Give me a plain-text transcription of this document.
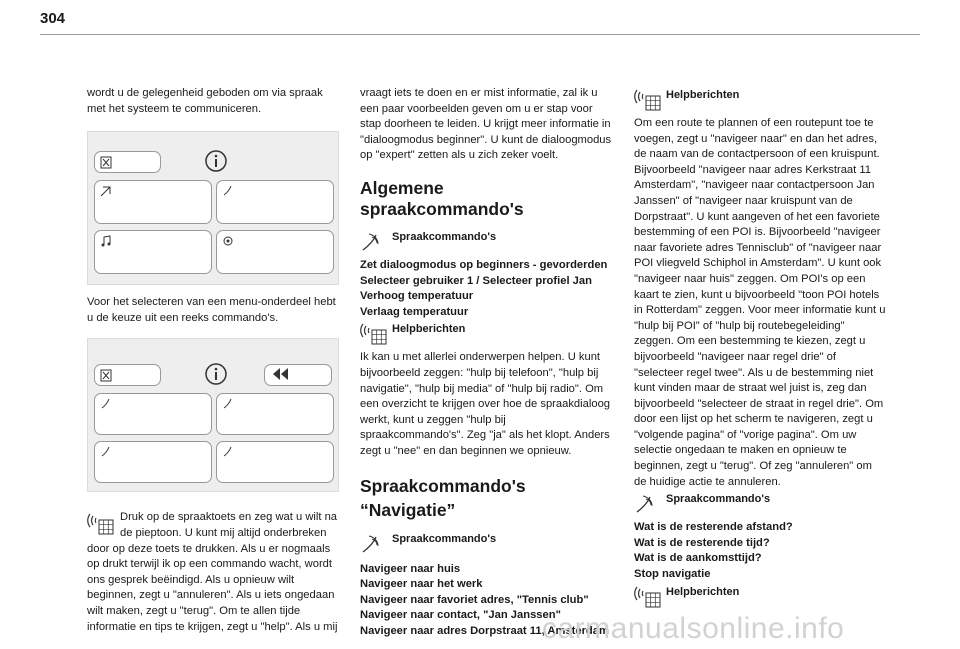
304

wordt u de gelegenheid geboden om via spraak met het systeem te communiceren.

Voor het selecteren van een menu-onderdeel hebt u de keuze uit een reeks commando's.

Druk op de spraaktoets en zeg wat u wilt na de pieptoon. U kunt mij altijd onderbreken door op deze toets te drukken. Als u er nogmaals op drukt terwijl ik op een commando wacht, wordt ons gesprek beëindigd. Als u opnieuw wilt beginnen, zegt u "annuleren". Als u iets ongedaan wilt maken, zegt u "terug". Om te allen tijde informatie en tips te krijgen, zegt u "help". Als u mij

vraagt iets te doen en er mist informatie, zal ik u een paar voorbeelden geven om u er stap voor stap doorheen te leiden. U krijgt meer informatie in "dialoogmodus beginner". U kunt de dialoogmodus op "expert" zetten als u zich zeker voelt.

Algemene spraakcommando's

Spraakcommando's
Zet dialoogmodus op beginners - gevorderden
Selecteer gebruiker 1 / Selecteer profiel Jan
Verhoog temperatuur
Verlaag temperatuur
Helpberichten

Ik kan u met allerlei onderwerpen helpen. U kunt bijvoorbeeld zeggen: "hulp bij telefoon", "hulp bij navigatie", "hulp bij media" of "hulp bij radio". Om een overzicht te krijgen over hoe de spraakdialoog werkt, kunt u zeggen "hulp bij spraakcommando's". Zeg "ja" als het klopt. Anders zegt u "nee" en dan beginnen we opnieuw.

Spraakcommando's
“Navigatie”

Spraakcommando's
Navigeer naar huis
Navigeer naar het werk
Navigeer naar favoriet adres, "Tennis club"
Navigeer naar contact, "Jan Janssen"
Navigeer naar adres Dorpstraat 11, Amsterdam
Helpberichten

Om een route te plannen of een routepunt toe te voegen, zegt u "navigeer naar" en dan het adres, de naam van de contactpersoon of een kruispunt. Bijvoorbeeld "navigeer naar adres Kerkstraat 11 Amsterdam", "navigeer naar contactpersoon Jan Janssen" of "navigeer naar kruispunt van de Dorpstraat". U kunt aangeven of het een favoriete bestemming of een POI is. Bijvoorbeeld "navigeer naar favoriete adres Tennisclub" of "navigeer naar POI vliegveld Schiphol in Amsterdam". U kunt ook "navigeer naar huis" zeggen. Om POI's op een kaart te zien, kunt u bijvoorbeeld "toon POI hotels in Rotterdam" zeggen. Voor meer informatie kunt u "hulp bij POI" of "hulp bij routebegeleiding" zeggen. Om een bestemming te kiezen, zegt u bijvoorbeeld "navigeer naar regel drie" of "selecteer regel twee". Als u de bestemming niet kunt vinden maar de straat wel juist is, zeg dan bijvoorbeeld "selecteer de straat in regel drie". Om door een lijst op het scherm te navigeren, zegt u "volgende pagina" of "vorige pagina". Om uw selectie ongedaan te maken en opnieuw te beginnen, zegt u "terug". Of zeg "annuleren" om de huidige actie te annuleren.

Spraakcommando's
Wat is de resterende afstand?
Wat is de resterende tijd?
Wat is de aankomsttijd?
Stop navigatie
Helpberichten
carmanualsonline.info
